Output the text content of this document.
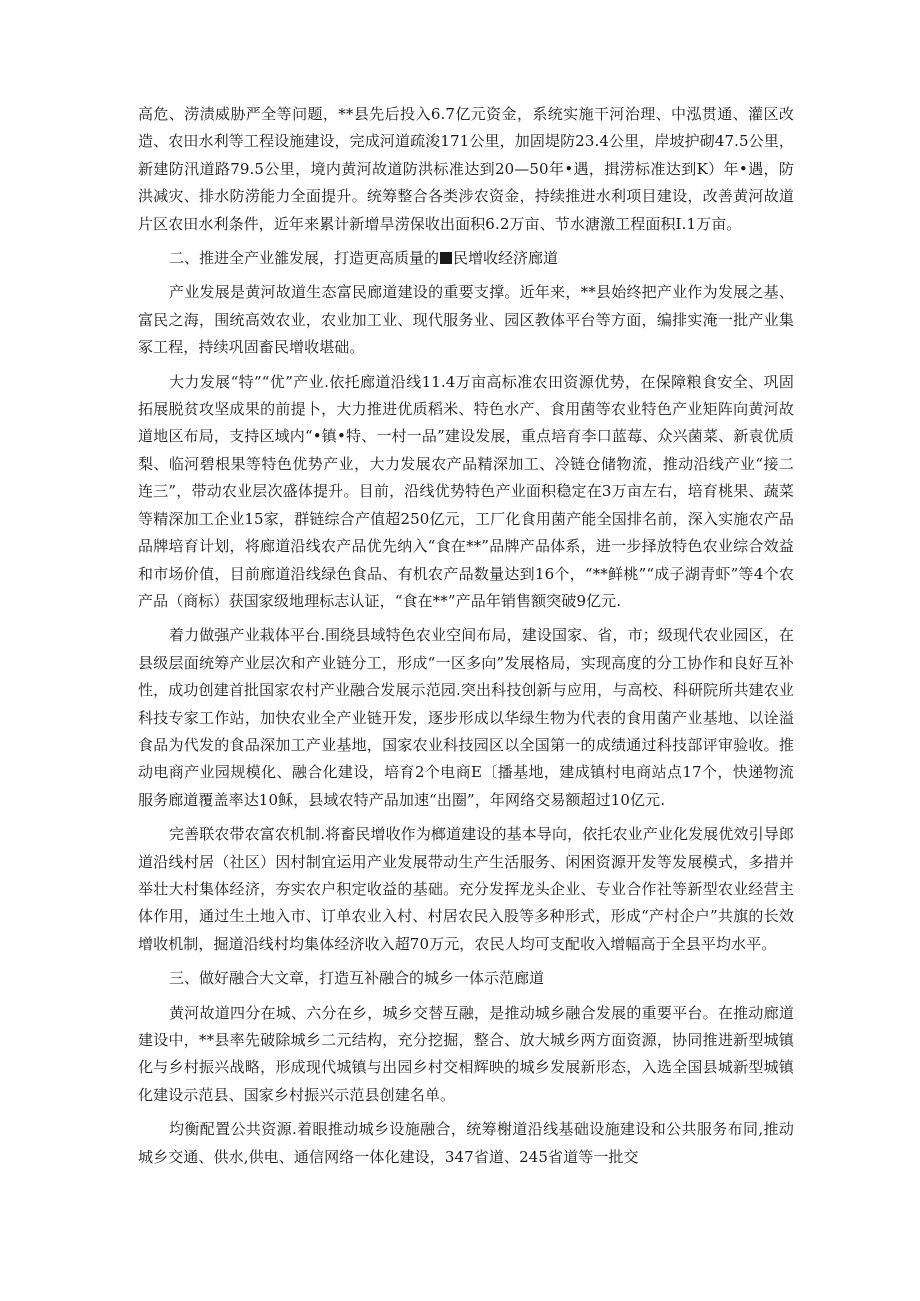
高危、涝渍威胁严全等问题，**县先后投入6.7亿元资金，系统实施干河治理、中泓贯通、灌区改造、农田水利等工程设施建设，完成河道疏浚171公里，加固堤防23.4公里，岸坡护砌47.5公里，新建防汛道路79.5公里，境内黄河故道防洪标准达到20—50年•遇，揖涝标准达到K）年•遇，防洪减灾、排水防涝能力全面提升。统筹整合各类涉农资金，持续推进水利项目建设，改善黄河故道片区农田水利条件，近年来累计新增旱涝保收出面积6.2万亩、节水溏激工程面积I.1万亩。

二、推进全产业雒发展，打造更高质量的 民增收经济廊道

产业发展是黄河故道生态富民廊道建设的重要支撑。近年来，**县始终把产业作为发展之基、富民之海，围统高效农业，农业加工业、现代服务业、园区教体平台等方面，编排实淹一批产业集冢工程，持续巩固畜民增收堪础。

大力发展“特”“优”产业.依托廊道沿线11.4万亩高标准农田资源优势，在保障粮食安全、巩固拓展脱贫攻坚成果的前提卜，大力推进优质稻米、特色水产、食用菌等农业特色产业矩阵向黄河故道地区布局，支持区域内“•镇•特、一村一品”建设发展，重点培育李口蓝莓、众兴菌菜、新袁优质梨、临河碧根果等特色优势产业，大力发展农产品精深加工、冷链仓储物流，推动沿线产业“接二连三”，带动农业层次盛体提升。目前，沿线优势特色产业面积稳定在3万亩左右，培育桃果、蔬菜等精深加工企业15家，群链综合产值超250亿元，工厂化食用菌产能全国排名前，深入实施农产品品牌培育计划，将廊道沿线农产品优先纳入“食在**”品牌产品体系，进一步择放特色农业综合效益和市场价值，目前廊道沿线绿色食品、有机农产品数量达到16个，“**鲜桃”“成子湖青虾”等4个农产品（商标）获国家级地理标志认证，“食在**”产品年销售额突破9亿元.

着力做强产业栽体平台.围绕县域特色农业空间布局，建设国家、省，市；级现代农业园区，在县级层面统筹产业层次和产业链分工，形成“一区多向”发展格局，实现高度的分工协作和良好互补性，成功创建首批国家农村产业融合发展示范园.突出科技创新与应用，与高校、科研院所共建农业科技专家工作站，加快农业全产业链开发，逐步形成以华绿生物为代表的食用菌产业基地、以诠溢食品为代发的食品深加工产业基地，国家农业科技园区以全国第一的成绩通过科技部评审验收。推动电商产业园规模化、融合化建设，培育2个电商E〔播基地，建成镇村电商站点17个，快递物流服务廊道覆盖率达10稣，县域农特产品加速“出圈”，年网络交易额超过10亿元.

完善联农带农富农机制.将畜民增收作为榔道建设的基本导向，依托农业产业化发展优效引导郎道沿线村居（社区）因村制宜运用产业发展带动生产生活服务、闲困资源开发等发展模式，多措并举壮大村集体经济，夯实农户积定收益的基础。充分发挥龙头企业、专业合作社等新型农业经营主体作用，通过生土地入市、订单农业入村、村居农民入股等多种形式，形成“产村企户”共旗的长效增收机制，掘道沿线村均集体经济收入超70万元，农民人均可支配收入增幅高于全县平均水平。

三、做好融合大文章，打造互补融合的城乡一体示范廊道

黄河故道四分在城、六分在乡，城乡交替互融，是推动城乡融合发展的重要平台。在推动廊道建设中，**县率先破除城乡二元结构，充分挖掘，整合、放大城乡两方面资源，协同推进新型城镇化与乡村振兴战略，形成现代城镇与出园乡村交相辉映的城乡发展新形态，入选全国县城新型城镇化建设示范县、国家乡村振兴示范县创建名单。

均衡配置公共资源.着眼推动城乡设施融合，统筹榭道沿线基础设施建设和公共服务布同,推动城乡交通、供水,供电、通信网络一体化建设，347省道、245省道等一批交
